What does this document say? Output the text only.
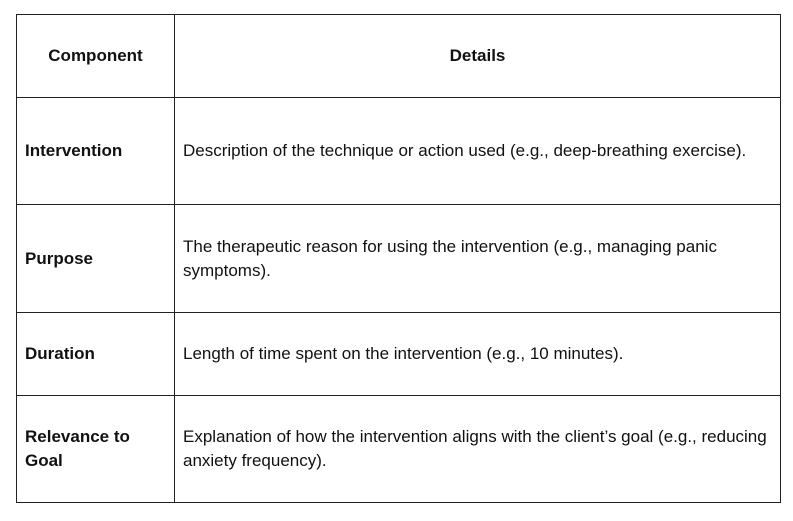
Component	Details
Intervention	Description of the technique or action used (e.g., deep-breathing exercise).
Purpose	The therapeutic reason for using the intervention (e.g., managing panic symptoms).
Duration	Length of time spent on the intervention (e.g., 10 minutes).
Relevance to Goal	Explanation of how the intervention aligns with the client’s goal (e.g., reducing anxiety frequency).
